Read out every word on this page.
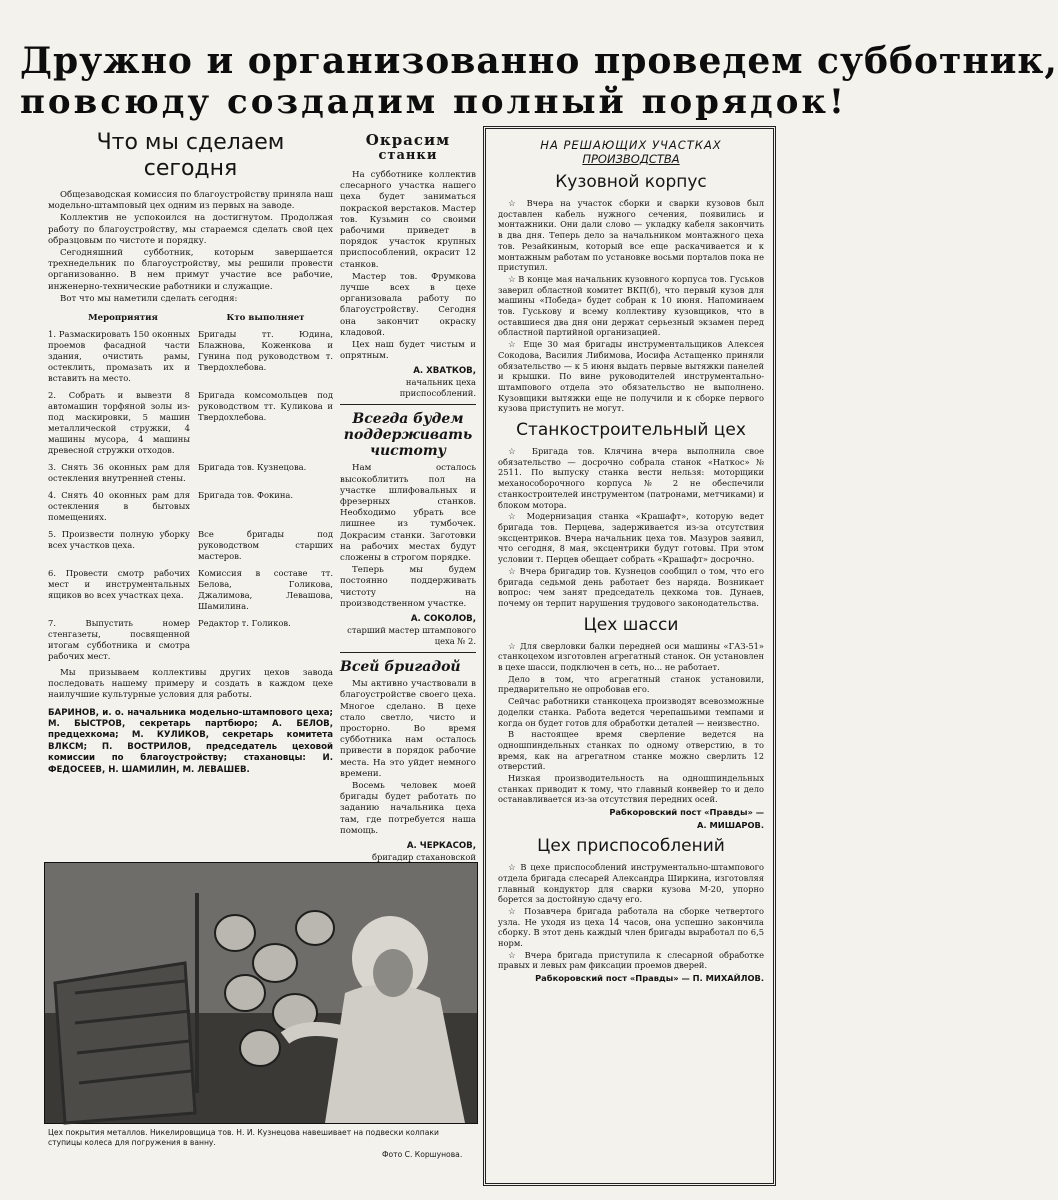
Дружно и организованно проведем субботник,
повсюду создадим полный порядок!

Что мы сделаем

сегодня

Общезаводская комиссия по благоустройству приняла наш модельно-штамповый цех одним из первых на заводе.

Коллектив не успокоился на достигнутом. Продолжая работу по благоустройству, мы стараемся сделать свой цех образцовым по чистоте и порядку.

Сегодняшний субботник, которым завершается трехнедельник по благоустройству, мы решили провести организованно. В нем примут участие все рабочие, инженерно-технические работники и служащие.

Вот что мы наметили сделать сегодня:

Мероприятия	Кто выполняет
1. Размаскировать 150 оконных проемов фасадной части здания, очистить рамы, остеклить, промазать их и вставить на место.
Бригады тт. Юдина, Блажнова, Коженкова и Гунина под руководством т. Твердохлебова.
2. Собрать и вывезти 8 автомашин торфяной золы из-под маскировки, 5 машин металлической стружки, 4 машины мусора, 4 машины древесной стружки отходов.
Бригада комсомольцев под руководством тт. Куликова и Твердохлебова.
3. Снять 36 оконных рам для остекления внутренней стены.
Бригада тов. Кузнецова.
4. Снять 40 оконных рам для остекления в бытовых помещениях.
Бригада тов. Фокина.
5. Произвести полную уборку всех участков цеха.
Все бригады под руководством старших мастеров.
6. Провести смотр рабочих мест и инструментальных ящиков во всех участках цеха.
Комиссия в составе тт. Белова, Голикова, Джалимова, Левашова, Шамилина.
7. Выпустить номер стенгазеты, посвященной итогам субботника и смотра рабочих мест.
Редактор т. Голиков.

Мы призываем коллективы других цехов завода последовать нашему примеру и создать в каждом цехе наилучшие культурные условия для работы.

БАРИНОВ, и. о. начальника модельно-штампового цеха; М. БЫСТРОВ, секретарь партбюро; А. БЕЛОВ, предцехкома; М. КУЛИКОВ, секретарь комитета ВЛКСМ; П. ВОСТРИЛОВ, председатель цеховой комиссии по благоустройству; стахановцы: И. ФЕДОСЕЕВ, Н. ШАМИЛИН, М. ЛЕВАШЕВ.

Окрасим

станки

На субботнике коллектив слесарного участка нашего цеха будет заниматься покраской верстаков. Мастер тов. Кузьмин со своими рабочими приведет в порядок участок крупных приспособлений, окрасит 12 станков.

Мастер тов. Фрумкова лучше всех в цехе организовала работу по благоустройству. Сегодня она закончит окраску кладовой.

Цех наш будет чистым и опрятным.

А. ХВАТКОВ,

начальник цеха приспособлений.

Всегда будем поддерживать чистоту

Нам осталось высокоблитить пол на участке шлифовальных и фрезерных станков. Необходимо убрать все лишнее из тумбочек. Докрасим станки. Заготовки на рабочих местах будут сложены в строгом порядке.

Теперь мы будем постоянно поддерживать чистоту на производственном участке.

А. СОКОЛОВ,

старший мастер штампового цеха № 2.

Всей бригадой

Мы активно участвовали в благоустройстве своего цеха. Многое сделано. В цехе стало светло, чисто и просторно. Во время субботника нам осталось привести в порядок рабочие места. На это уйдет немного времени.

Восемь человек моей бригады будет работать по заданию начальника цеха там, где потребуется наша помощь.

А. ЧЕРКАСОВ,

бригадир стахановской

НА РЕШАЮЩИХ УЧАСТКАХ

ПРОИЗВОДСТВА

Кузовной корпус

☆ Вчера на участок сборки и сварки кузовов был доставлен кабель нужного сечения, появились и монтажники. Они дали слово — укладку кабеля закончить в два дня. Теперь дело за начальником монтажного цеха тов. Резайкиным, который все еще раскачивается и к монтажным работам по установке восьми порталов пока не приступил.

☆ В конце мая начальник кузовного корпуса тов. Гуськов заверил областной комитет ВКП(б), что первый кузов для машины «Победа» будет собран к 10 июня. Напоминаем тов. Гуськову и всему коллективу кузовщиков, что в оставшиеся два дня они держат серьезный экзамен перед областной партийной организацией.

☆ Еще 30 мая бригады инструментальщиков Алексея Сокодова, Василия Либимова, Иосифа Астащенко приняли обязательство — к 5 июня выдать первые вытяжки панелей и крышки. По вине руководителей инструментально-штампового отдела это обязательство не выполнено. Кузовщики вытяжки еще не получили и к сборке первого кузова приступить не могут.

Станкостроительный цех

☆ Бригада тов. Клячина вчера выполнила свое обязательство — досрочно собрала станок «Наткос» № 2511. По выпуску станка вести нельзя: моторщики механособорочного корпуса № 2 не обеспечили станкостроителей инструментом (патронами, метчиками) и блоком мотора.

☆ Модернизация станка «Крашафт», которую ведет бригада тов. Перцева, задерживается из-за отсутствия эксцентриков. Вчера начальник цеха тов. Мазуров заявил, что сегодня, 8 мая, эксцентрики будут готовы. При этом условии т. Перцев обещает собрать «Крашафт» досрочно.

☆ Вчера бригадир тов. Кузнецов сообщил о том, что его бригада седьмой день работает без наряда. Возникает вопрос: чем занят председатель цехкома тов. Дунаев, почему он терпит нарушения трудового законодательства.

Цех шасси

☆ Для сверловки балки передней оси машины «ГАЗ-51» станкоцехом изготовлен агрегатный станок. Он установлен в цехе шасси, подключен в сеть, но... не работает.

Дело в том, что агрегатный станок установили, предварительно не опробовав его.

Сейчас работники станкоцеха производят всевозможные доделки станка. Работа ведется черепашьими темпами и когда он будет готов для обработки деталей — неизвестно.

В настоящее время сверление ведется на одношпиндельных станках по одному отверстию, в то время, как на агрегатном станке можно сверлить 12 отверстий.

Низкая производительность на одношпиндельных станках приводит к тому, что главный конвейер то и дело останавливается из-за отсутствия передних осей.

Рабкоровский пост «Правды» —

А. МИШАРОВ.

Цех приспособлений

☆ В цехе приспособлений инструментально-штампового отдела бригада слесарей Александра Ширкина, изготовляя главный кондуктор для сварки кузова М-20, упорно борется за достойную сдачу его.

☆ Позавчера бригада работала на сборке четвертого узла. Не уходя из цеха 14 часов, она успешно закончила сборку. В этот день каждый член бригады выработал по 6,5 норм.

☆ Вчера бригада приступила к слесарной обработке правых и левых рам фиксации проемов дверей.

Рабкоровский пост «Правды» — П. МИХАЙЛОВ.

Цех покрытия металлов. Никелировщица тов. Н. И. Кузнецова навешивает на подвески колпаки ступицы колеса для погружения в ванну.
Фото С. Коршунова.
